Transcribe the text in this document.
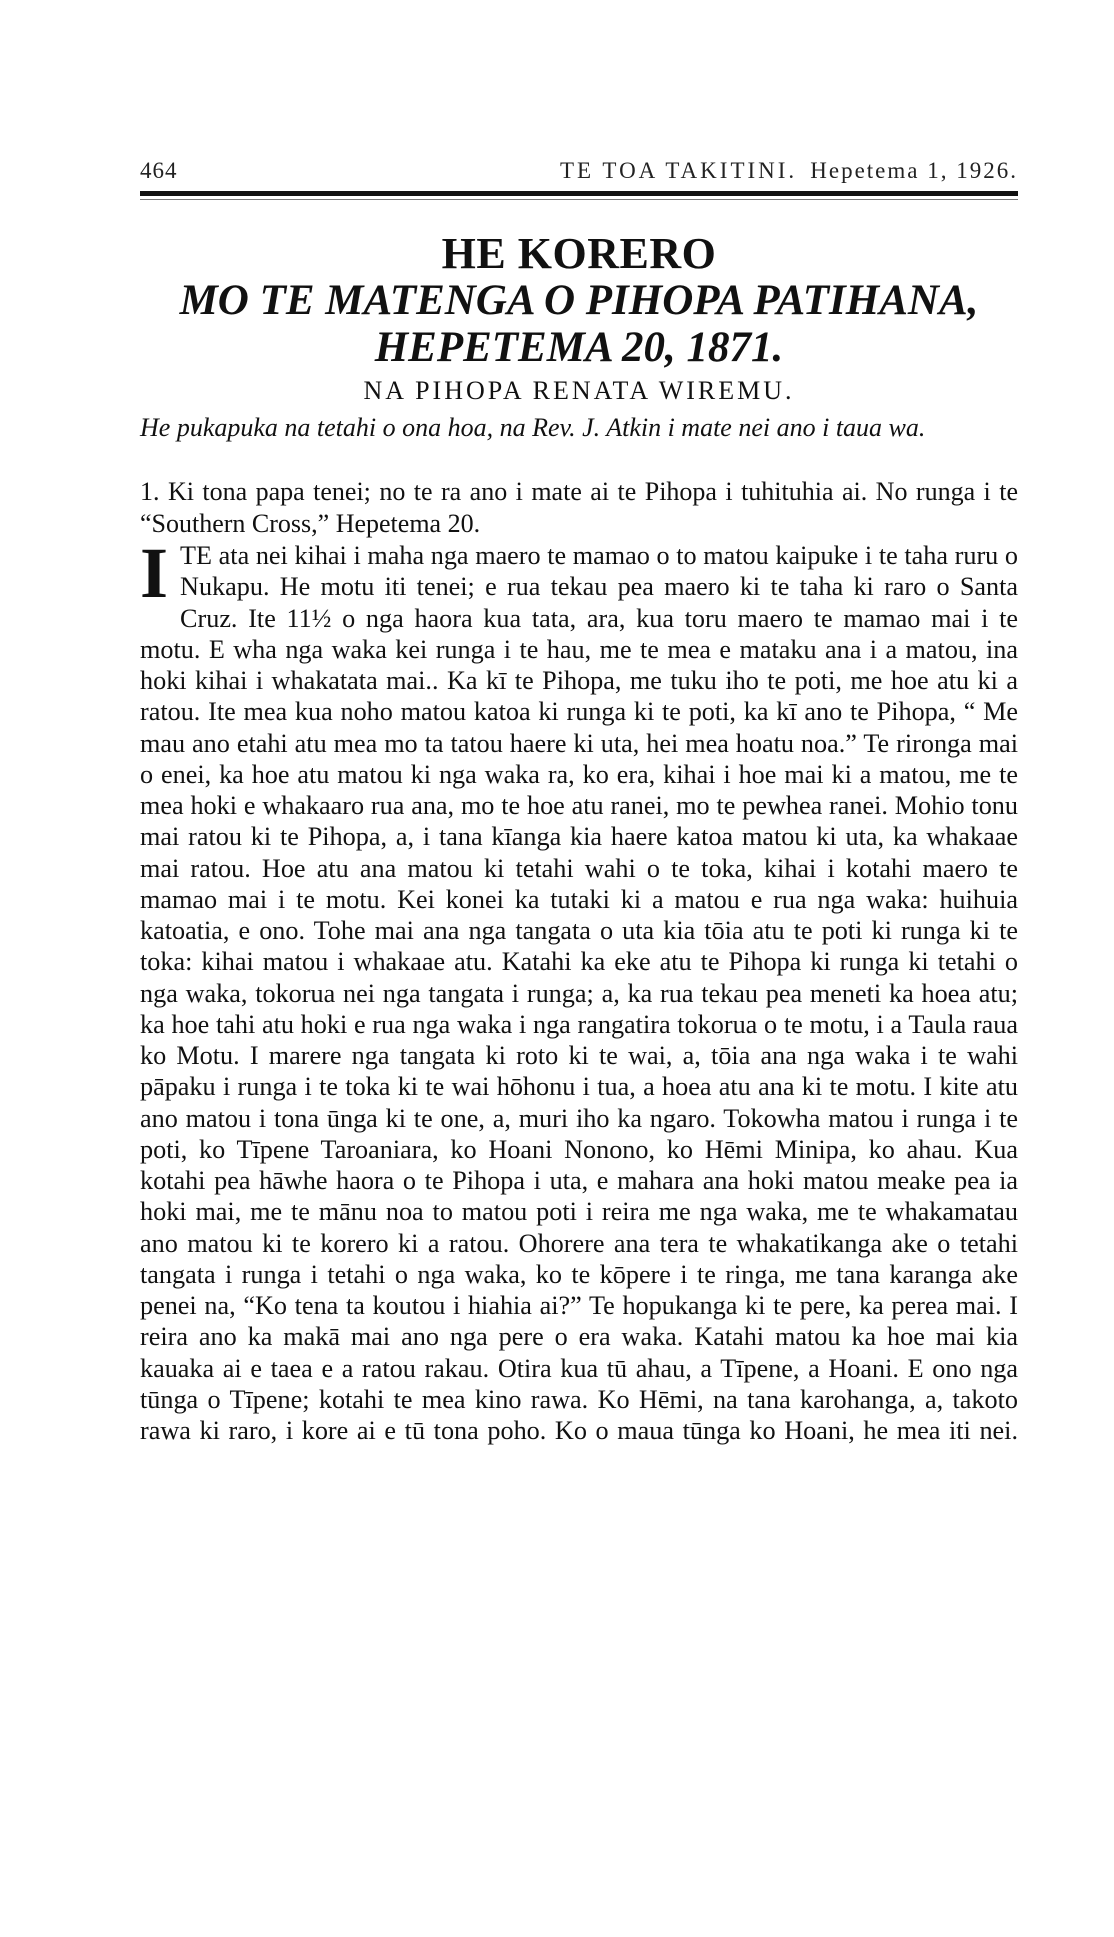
464	TE TOA TAKITINI. Hepetema 1, 1926.
HE KORERO
MO TE MATENGA O PIHOPA PATIHANA,
HEPETEMA 20, 1871.
NA PIHOPA RENATA WIREMU.
He pukapuka na tetahi o ona hoa, na Rev. J. Atkin i mate nei ano i taua wa.
1. Ki tona papa tenei; no te ra ano i mate ai te Pihopa i tuhituhia ai. No runga i te “Southern Cross,” Hepetema 20.
I TE ata nei kihai i maha nga maero te mamao o to matou kaipuke i te taha ruru o Nukapu. He motu iti tenei; e rua tekau pea maero ki te taha ki raro o Santa Cruz. Ite 11½ o nga haora kua tata, ara, kua toru maero te mamao mai i te motu. E wha nga waka kei runga i te hau, me te mea e mataku ana i a matou, ina hoki kihai i whakatata mai.. Ka kī te Pihopa, me tuku iho te poti, me hoe atu ki a ratou. Ite mea kua noho matou katoa ki runga ki te poti, ka kī ano te Pihopa, “ Me mau ano etahi atu mea mo ta tatou haere ki uta, hei mea hoatu noa.” Te rironga mai o enei, ka hoe atu matou ki nga waka ra, ko era, kihai i hoe mai ki a matou, me te mea hoki e whakaaro rua ana, mo te hoe atu ranei, mo te pewhea ranei. Mohio tonu mai ratou ki te Pihopa, a, i tana kīanga kia haere katoa matou ki uta, ka whakaae mai ratou. Hoe atu ana matou ki tetahi wahi o te toka, kihai i kotahi maero te mamao mai i te motu. Kei konei ka tutaki ki a matou e rua nga waka: huihuia katoatia, e ono. Tohe mai ana nga tangata o uta kia tōia atu te poti ki runga ki te toka: kihai matou i whakaae atu. Katahi ka eke atu te Pihopa ki runga ki tetahi o nga waka, tokorua nei nga tangata i runga; a, ka rua tekau pea meneti ka hoea atu; ka hoe tahi atu hoki e rua nga waka i nga rangatira tokorua o te motu, i a Taula raua ko Motu. I marere nga tangata ki roto ki te wai, a, tōia ana nga waka i te wahi pāpaku i runga i te toka ki te wai hōhonu i tua, a hoea atu ana ki te motu. I kite atu ano matou i tona ūnga ki te one, a, muri iho ka ngaro. Tokowha matou i runga i te poti, ko Tīpene Taroaniara, ko Hoani Nonono, ko Hēmi Minipa, ko ahau. Kua kotahi pea hāwhe haora o te Pihopa i uta, e mahara ana hoki matou meake pea ia hoki mai, me te mānu noa to matou poti i reira me nga waka, me te whakamatau ano matou ki te korero ki a ratou. Ohorere ana tera te whakatikanga ake o tetahi tangata i runga i tetahi o nga waka, ko te kōpere i te ringa, me tana karanga ake penei na, “Ko tena ta koutou i hiahia ai?” Te hopukanga ki te pere, ka perea mai. I reira ano ka makā mai ano nga pere o era waka. Katahi matou ka hoe mai kia kauaka ai e taea e a ratou rakau. Otira kua tū ahau, a Tīpene, a Hoani. E ono nga tūnga o Tīpene; kotahi te mea kino rawa. Ko Hēmi, na tana karohanga, a, takoto rawa ki raro, i kore ai e tū tona poho. Ko o maua tūnga ko Hoani, he mea iti nei.
